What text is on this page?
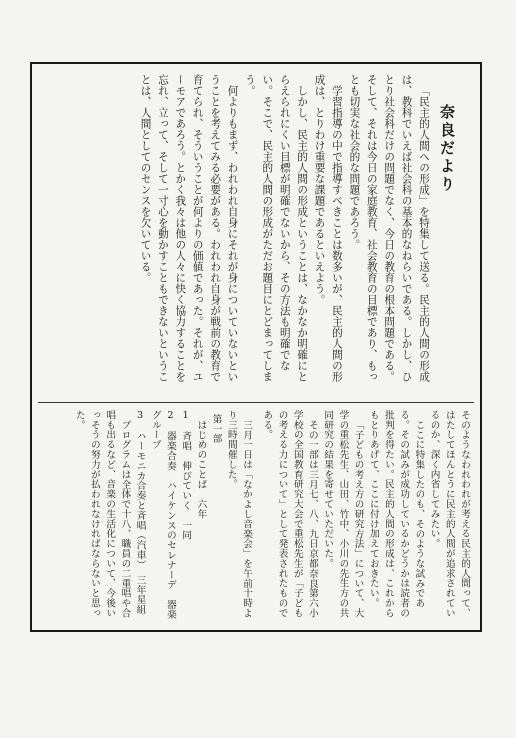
奈良だより

「民主的人間への形成」を特集して送る。民主的人間の形成は、教科でいえば社会科の基本的なねらいである。しかし、ひとり社会科だけの問題でなく、今日の教育の根本問題である。そして、それは今日の家庭教育、社会教育の目標であり、もっとも切実な社会的な問題であろう。

学習指導の中で指導すべきことは数多いが、民主的人間の形成は、とりわけ重要な課題であるといえよう。

しかし、民主的人間の形成ということは、なかなか明確にとらえられにくい目標が明確でないから、その方法も明確でない。そこで、民主的人間の形成がただお題目にとどまってしまう。

何よりもまず、われわれ自身にそれが身についていないということを考えてみる必要がある。われわれ自身が戦前の教育で育てられ、そういうことが何よりの価値であった。それが、ユーモアであろう。とかく我々は他の人々に快く協力することを忘れ、立って、そして一寸心を動かすこともできないということは、人間としてのセンスを欠いている。

そのようなわれわれが考える民主的人間って、はたしてほんとうに民主的人間が追求されているのか、深く内省してみたい。

ここに特集したのも、そのような試みである。その試みが成功しているかどうかは読者の批判を得たい。民主的人間の形成は、これからもとりあげて、ここに付け加えておきたい。

「子どもの考え方の研究方法」について、大学の重松先生、山田、竹中、小川の先生方の共同研究の結果を寄せていただいた。

その一部は三月七、八、九日京都奈良第六小学校の全国教育研究大会で重松先生が「子どもの考える力について」として発表されたものである。

三月一日は「なかよし音楽会」を午前十時より三時間催した。

第一部

はじめのことば　六年

1　斉唱　伸びていく　一同

2　器楽合奏　ハイケンスのセレナーデ　器楽グループ

3　ハーモニカ合奏と斉唱（汽車）　三年星組

プログラムは全体で十八、職員の二重唱や合唱も出るなど、音楽の生活化について、今後いっそうの努力が払われなければならないと思った。
